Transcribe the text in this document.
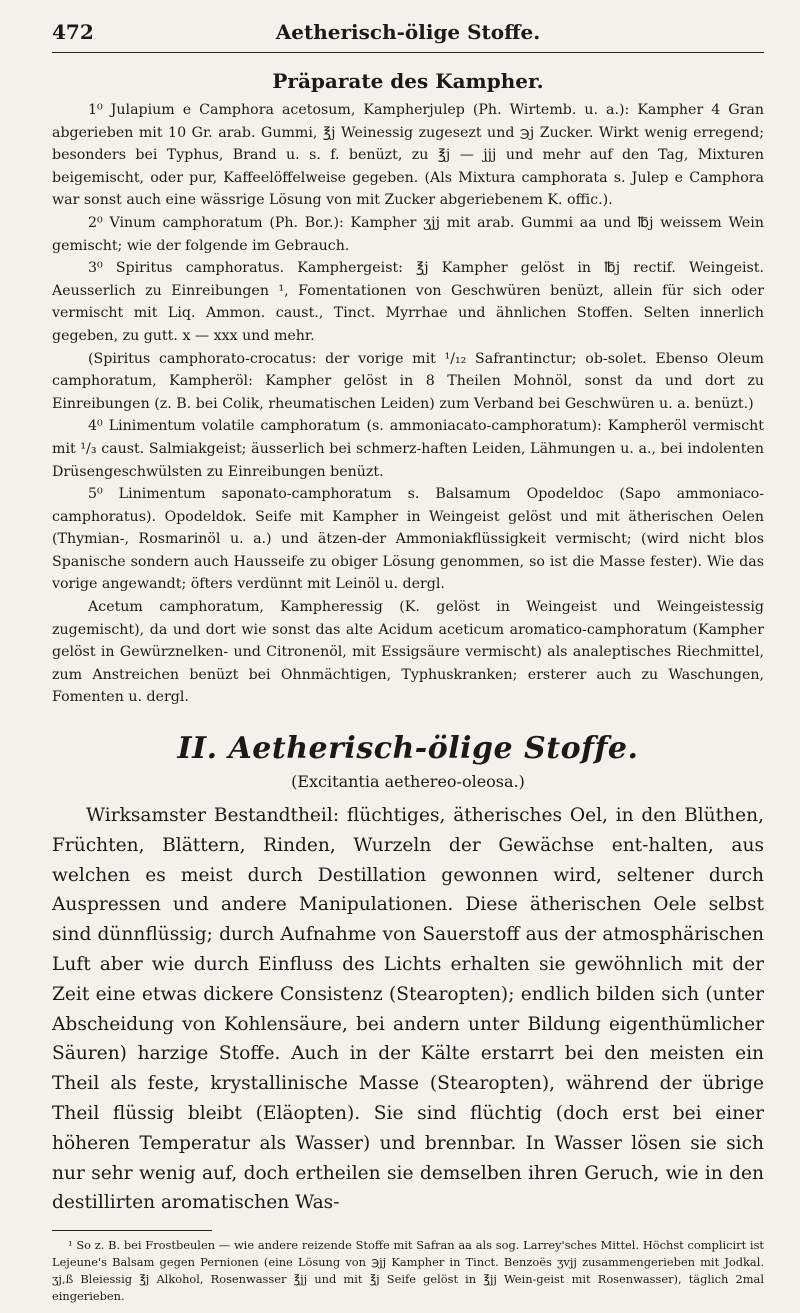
472	Aetherisch-ölige Stoffe.
Präparate des Kampher.

1⁰ Julapium e Camphora acetosum, Kampherjulep (Ph. Wirtemb. u. a.): Kampher 4 Gran abgerieben mit 10 Gr. arab. Gummi, ℥j Weinessig zugesezt und ℈j Zucker. Wirkt wenig erregend; besonders bei Typhus, Brand u. s. f. benüzt, zu ℥j — jjj und mehr auf den Tag, Mixturen beigemischt, oder pur, Kaffeelöffelweise gegeben. (Als Mixtura camphorata s. Julep e Camphora war sonst auch eine wässrige Lösung von mit Zucker abgeriebenem K. offic.).

2⁰ Vinum camphoratum (Ph. Bor.): Kampher ʒjj mit arab. Gummi aa und ℔j weissem Wein gemischt; wie der folgende im Gebrauch.

3⁰ Spiritus camphoratus. Kamphergeist: ℥j Kampher gelöst in ℔j rectif. Weingeist. Aeusserlich zu Einreibungen ¹, Fomentationen von Geschwüren benüzt, allein für sich oder vermischt mit Liq. Ammon. caust., Tinct. Myrrhae und ähnlichen Stoffen. Selten innerlich gegeben, zu gutt. x — xxx und mehr.

(Spiritus camphorato-crocatus: der vorige mit ¹/₁₂ Safrantinctur; ob-solet. Ebenso Oleum camphoratum, Kampheröl: Kampher gelöst in 8 Theilen Mohnöl, sonst da und dort zu Einreibungen (z. B. bei Colik, rheumatischen Leiden) zum Verband bei Geschwüren u. a. benüzt.)

4⁰ Linimentum volatile camphoratum (s. ammoniacato-camphoratum): Kampheröl vermischt mit ¹/₃ caust. Salmiakgeist; äusserlich bei schmerz-haften Leiden, Lähmungen u. a., bei indolenten Drüsengeschwülsten zu Einreibungen benüzt.

5⁰ Linimentum saponato-camphoratum s. Balsamum Opodeldoc (Sapo ammoniaco-camphoratus). Opodeldok. Seife mit Kampher in Weingeist gelöst und mit ätherischen Oelen (Thymian-, Rosmarinöl u. a.) und ätzen-der Ammoniakflüssigkeit vermischt; (wird nicht blos Spanische sondern auch Hausseife zu obiger Lösung genommen, so ist die Masse fester). Wie das vorige angewandt; öfters verdünnt mit Leinöl u. dergl.

Acetum camphoratum, Kampheressig (K. gelöst in Weingeist und Weingeistessig zugemischt), da und dort wie sonst das alte Acidum aceticum aromatico-camphoratum (Kampher gelöst in Gewürznelken- und Citronenöl, mit Essigsäure vermischt) als analeptisches Riechmittel, zum Anstreichen benüzt bei Ohnmächtigen, Typhuskranken; ersterer auch zu Waschungen, Fomenten u. dergl.

II. Aetherisch-ölige Stoffe.
(Excitantia aethereo-oleosa.)

Wirksamster Bestandtheil: flüchtiges, ätherisches Oel, in den Blüthen, Früchten, Blättern, Rinden, Wurzeln der Gewächse ent-halten, aus welchen es meist durch Destillation gewonnen wird, seltener durch Auspressen und andere Manipulationen. Diese ätherischen Oele selbst sind dünnflüssig; durch Aufnahme von Sauerstoff aus der atmosphärischen Luft aber wie durch Einfluss des Lichts erhalten sie gewöhnlich mit der Zeit eine etwas dickere Consistenz (Stearopten); endlich bilden sich (unter Abscheidung von Kohlensäure, bei andern unter Bildung eigenthümlicher Säuren) harzige Stoffe. Auch in der Kälte erstarrt bei den meisten ein Theil als feste, krystallinische Masse (Stearopten), während der übrige Theil flüssig bleibt (Eläopten). Sie sind flüchtig (doch erst bei einer höheren Temperatur als Wasser) und brennbar. In Wasser lösen sie sich nur sehr wenig auf, doch ertheilen sie demselben ihren Geruch, wie in den destillirten aromatischen Was-

¹ So z. B. bei Frostbeulen — wie andere reizende Stoffe mit Safran aa als sog. Larrey'sches Mittel. Höchst complicirt ist Lejeune's Balsam gegen Pernionen (eine Lösung von ℈jj Kampher in Tinct. Benzoës ʒvjj zusammengerieben mit Jodkal. ʒj,ß Bleiessig ℥j Alkohol, Rosenwasser ℥jj und mit ℥j Seife gelöst in ℥jj Wein-geist mit Rosenwasser), täglich 2mal eingerieben.
